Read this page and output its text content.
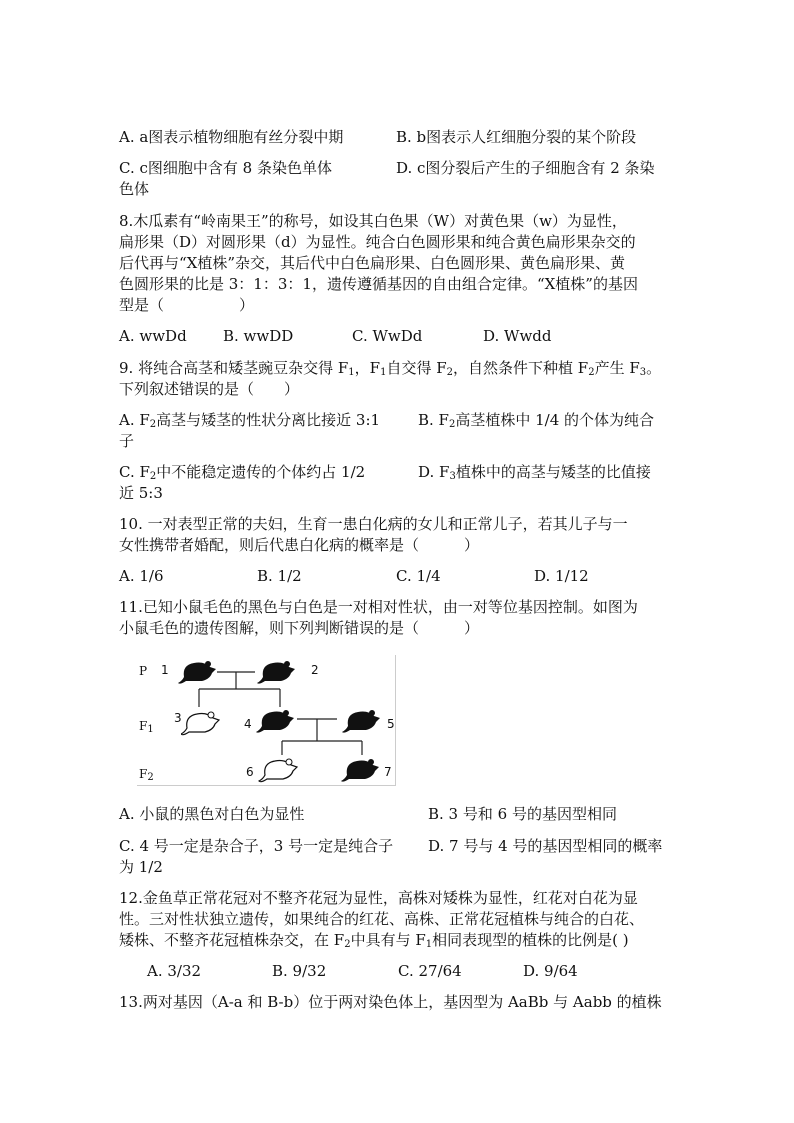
A. a图表示植物细胞有丝分裂中期	B. b图表示人红细胞分裂的某个阶段
C. c图细胞中含有 8 条染色单体	D. c图分裂后产生的子细胞含有 2 条染
色体
8.木瓜素有“岭南果王”的称号，如设其白色果（W）对黄色果（w）为显性，
扁形果（D）对圆形果（d）为显性。纯合白色圆形果和纯合黄色扁形果杂交的
后代再与“X植株”杂交，其后代中白色扁形果、白色圆形果、黄色扁形果、黄
色圆形果的比是 3：1：3：1，遗传遵循基因的自由组合定律。“X植株”的基因
型是（　　　　　）
A. wwDd B. wwDD	C. WwDd	D. Wwdd
9. 将纯合高茎和矮茎豌豆杂交得 $F_1$，$F_1$自交得 $F_2$，自然条件下种植 $F_2$产生 $F_3$。
下列叙述错误的是（　　）
A. $F_2$高茎与矮茎的性状分离比接近 3:1	B. $F_2$高茎植株中 1/4 的个体为纯合
子
C. $F_2$中不能稳定遗传的个体约占 1/2	D. $F_3$植株中的高茎与矮茎的比值接
近 5:3
10. 一对表型正常的夫妇，生育一患白化病的女儿和正常儿子，若其儿子与一
女性携带者婚配，则后代患白化病的概率是（　　　）
A. 1/6	B. 1/2	C. 1/4	D. 1/12
11.已知小鼠毛色的黑色与白色是一对相对性状，由一对等位基因控制。如图为
小鼠毛色的遗传图解，则下列判断错误的是（　　　）
P
$F_1$
$F_2$
1	2
3	4	5
6	7
A. 小鼠的黑色对白色为显性	B. 3 号和 6 号的基因型相同
C. 4 号一定是杂合子，3 号一定是纯合子 D. 7 号与 4 号的基因型相同的概率
为 1/2
12.金鱼草正常花冠对不整齐花冠为显性，高株对矮株为显性，红花对白花为显
性。三对性状独立遗传，如果纯合的红花、高株、正常花冠植株与纯合的白花、
矮株、不整齐花冠植株杂交，在 $F_2$中具有与 $F_1$相同表现型的植株的比例是( )
A. 3/32	B. 9/32	C. 27/64	D. 9/64
13.两对基因（A-a 和 B-b）位于两对染色体上，基因型为 AaBb 与 Aabb 的植株
